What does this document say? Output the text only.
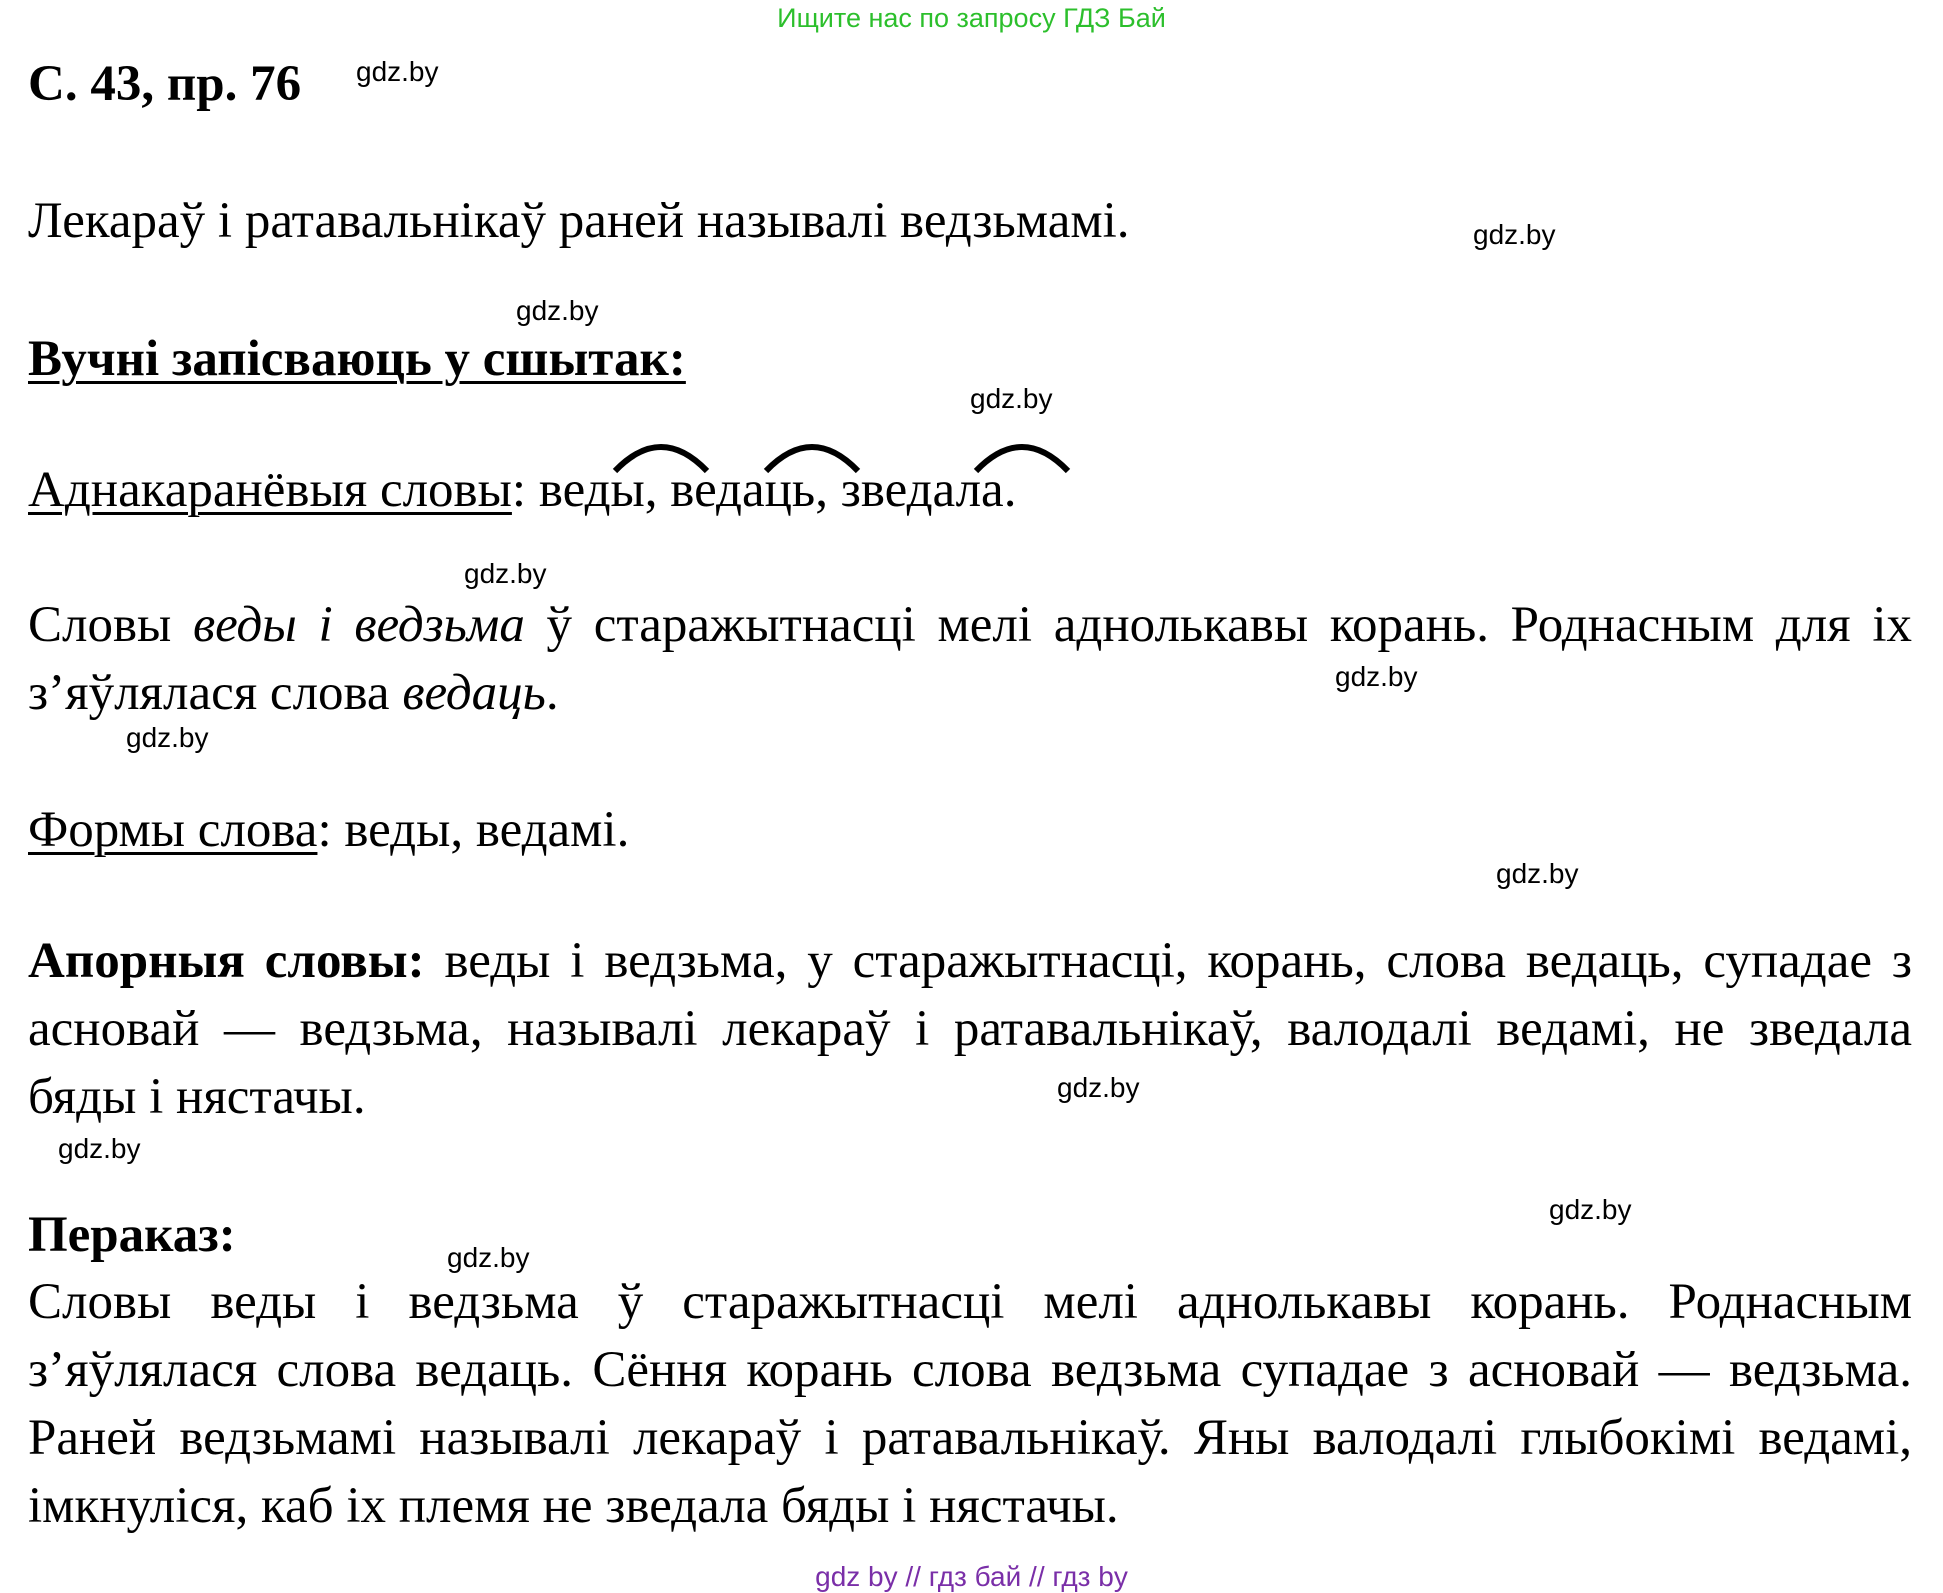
Ищите нас по запросу ГДЗ Бай
С. 43, пр. 76 gdz.by
Лекараў і ратавальнікаў раней называлі ведзьмамі.	gdz.by
gdz.by
Вучні запісваюць у сшытак:
gdz.by
Аднакаранёвыя словы: веды, ведаць, зведала.
gdz.by
Словы веды і ведзьма ў старажытнасці мелі аднолькавы корань. Роднасным для іх з’яўлялася слова ведаць.	gdz.by
gdz.by
Формы слова: веды, ведамі.
gdz.by
Апорныя словы: веды і ведзьма, у старажытнасці, корань, слова ведаць, супадае з асновай — ведзьма, называлі лекараў і ратавальнікаў, валодалі ведамі, не зведала бяды і нястачы.	gdz.by
gdz.by
gdz.by
Пераказ:	gdz.by
Словы веды і ведзьма ў старажытнасці мелі аднолькавы корань. Роднасным з’яўлялася слова ведаць. Сёння корань слова ведзьма супадае з асновай — ведзьма. Раней ведзьмамі называлі лекараў і ратавальнікаў. Яны валодалі глыбокімі ведамі, імкнуліся, каб іх племя не зведала бяды і нястачы.
gdz by // гдз бай // гдз by
